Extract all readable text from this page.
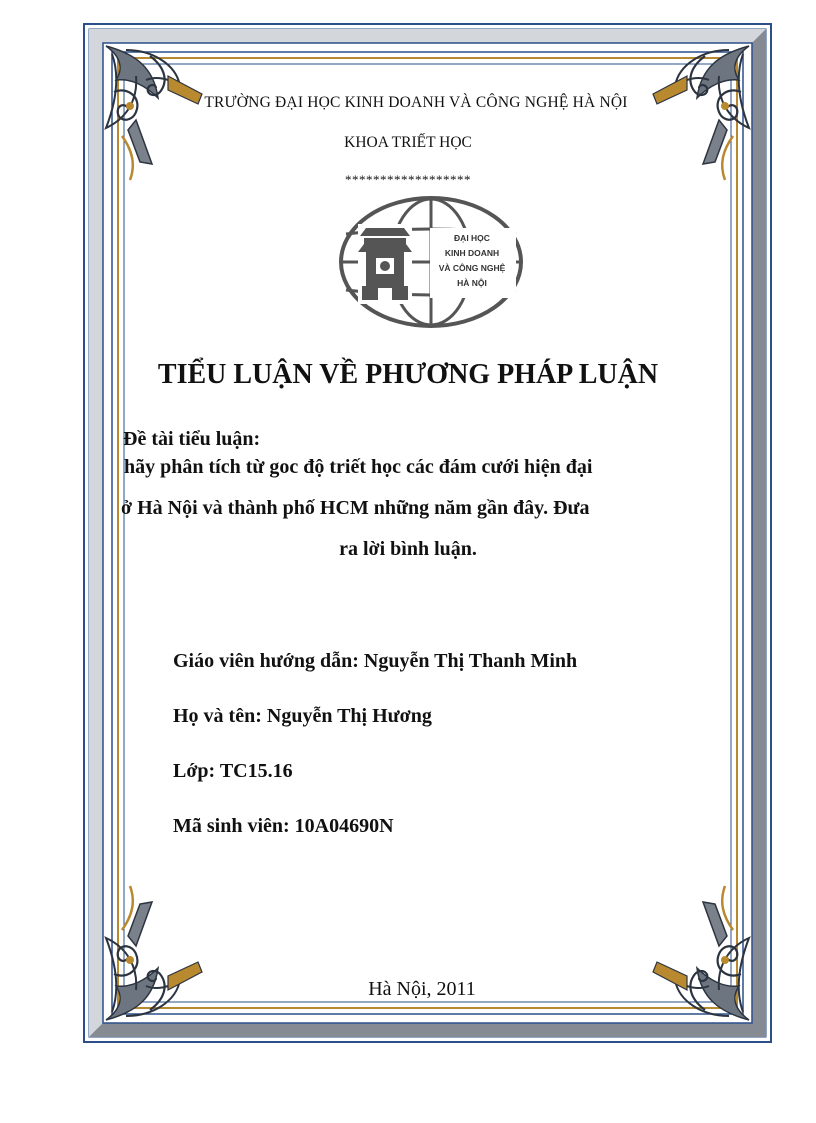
TRƯỜNG ĐẠI HỌC KINH DOANH VÀ CÔNG NGHỆ HÀ NỘI

KHOA TRIẾT HỌC

******************

ĐẠI HỌC
KINH DOANH
VÀ CÔNG NGHỆ
HÀ NỘI

TIỂU LUẬN VỀ PHƯƠNG PHÁP LUẬN

Đề tài tiểu luận:

hãy phân tích từ goc độ triết học các đám cưới hiện đại

ở Hà Nội và thành phố HCM những năm gần đây. Đưa

ra lời bình luận.

Giáo viên hướng dẫn: Nguyễn Thị Thanh Minh

Họ và tên: Nguyễn Thị Hương

Lớp: TC15.16

Mã sinh viên: 10A04690N

Hà Nội, 2011
